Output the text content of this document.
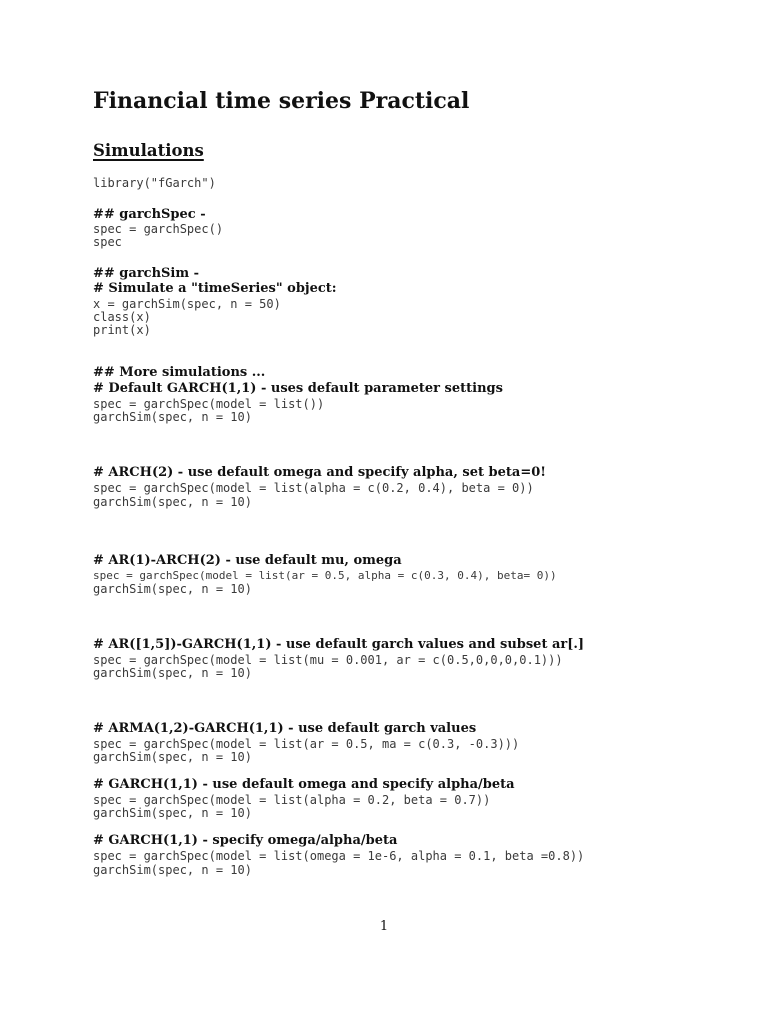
Financial time series Practical
Simulations
library("fGarch")
## garchSpec -
spec = garchSpec()
spec
## garchSim -
# Simulate a "timeSeries" object:
x = garchSim(spec, n = 50)
class(x)
print(x)
## More simulations ...
# Default GARCH(1,1) - uses default parameter settings
spec = garchSpec(model = list())
garchSim(spec, n = 10)
# ARCH(2) - use default omega and specify alpha, set beta=0!
spec = garchSpec(model = list(alpha = c(0.2, 0.4), beta = 0))
garchSim(spec, n = 10)
# AR(1)-ARCH(2) - use default mu, omega
spec = garchSpec(model = list(ar = 0.5, alpha = c(0.3, 0.4), beta= 0))
garchSim(spec, n = 10)
# AR([1,5])-GARCH(1,1) - use default garch values and subset ar[.]
spec = garchSpec(model = list(mu = 0.001, ar = c(0.5,0,0,0,0.1)))
garchSim(spec, n = 10)
# ARMA(1,2)-GARCH(1,1) - use default garch values
spec = garchSpec(model = list(ar = 0.5, ma = c(0.3, -0.3)))
garchSim(spec, n = 10)
# GARCH(1,1) - use default omega and specify alpha/beta
spec = garchSpec(model = list(alpha = 0.2, beta = 0.7))
garchSim(spec, n = 10)
# GARCH(1,1) - specify omega/alpha/beta
spec = garchSpec(model = list(omega = 1e-6, alpha = 0.1, beta =0.8))
garchSim(spec, n = 10)
1
